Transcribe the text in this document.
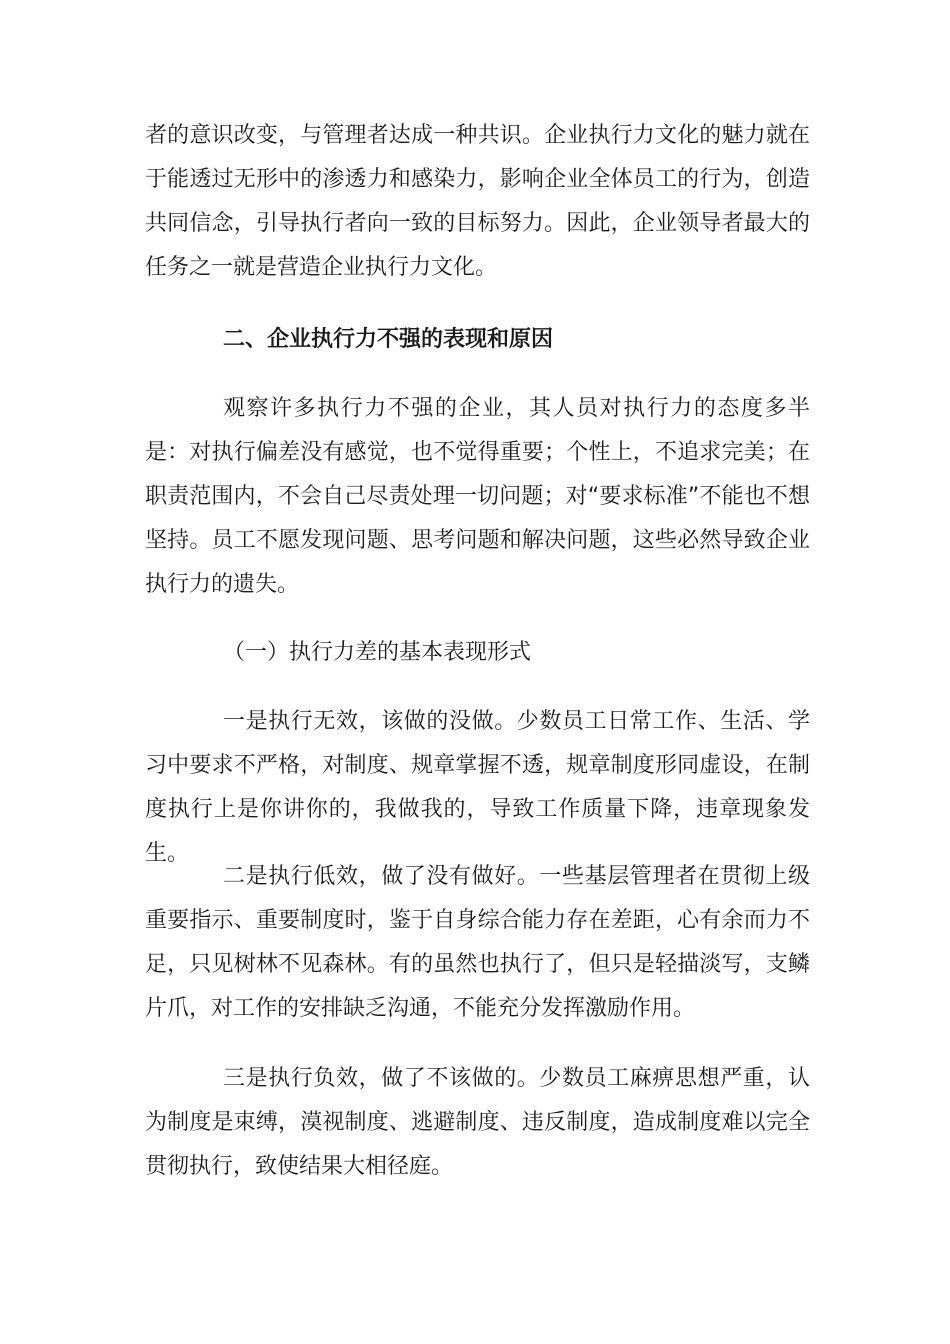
者的意识改变，与管理者达成一种共识。企业执行力文化的魅力就在于能透过无形中的渗透力和感染力，影响企业全体员工的行为，创造共同信念，引导执行者向一致的目标努力。因此，企业领导者最大的任务之一就是营造企业执行力文化。

二、企业执行力不强的表现和原因

观察许多执行力不强的企业，其人员对执行力的态度多半是：对执行偏差没有感觉，也不觉得重要；个性上，不追求完美；在职责范围内，不会自己尽责处理一切问题；对“要求标准”不能也不想坚持。员工不愿发现问题、思考问题和解决问题，这些必然导致企业执行力的遗失。

（一）执行力差的基本表现形式

一是执行无效，该做的没做。少数员工日常工作、生活、学习中要求不严格，对制度、规章掌握不透，规章制度形同虚设，在制度执行上是你讲你的，我做我的，导致工作质量下降，违章现象发生。

二是执行低效，做了没有做好。一些基层管理者在贯彻上级重要指示、重要制度时，鉴于自身综合能力存在差距，心有余而力不足，只见树林不见森林。有的虽然也执行了，但只是轻描淡写，支鳞片爪，对工作的安排缺乏沟通，不能充分发挥激励作用。

三是执行负效，做了不该做的。少数员工麻痹思想严重，认为制度是束缚，漠视制度、逃避制度、违反制度，造成制度难以完全贯彻执行，致使结果大相径庭。
